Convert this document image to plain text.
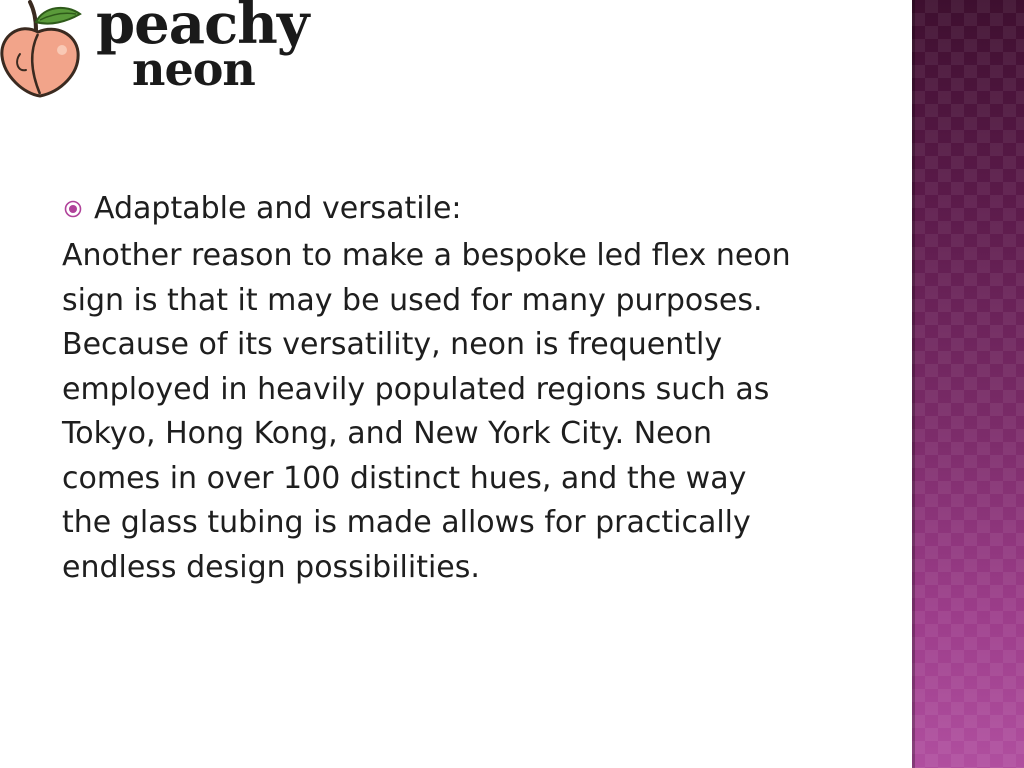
peachy
neon
Adaptable and versatile:

Another reason to make a bespoke led flex neon sign is that it may be used for many purposes. Because of its versatility, neon is frequently employed in heavily populated regions such as Tokyo, Hong Kong, and New York City. Neon comes in over 100 distinct hues, and the way the glass tubing is made allows for practically endless design possibilities.
